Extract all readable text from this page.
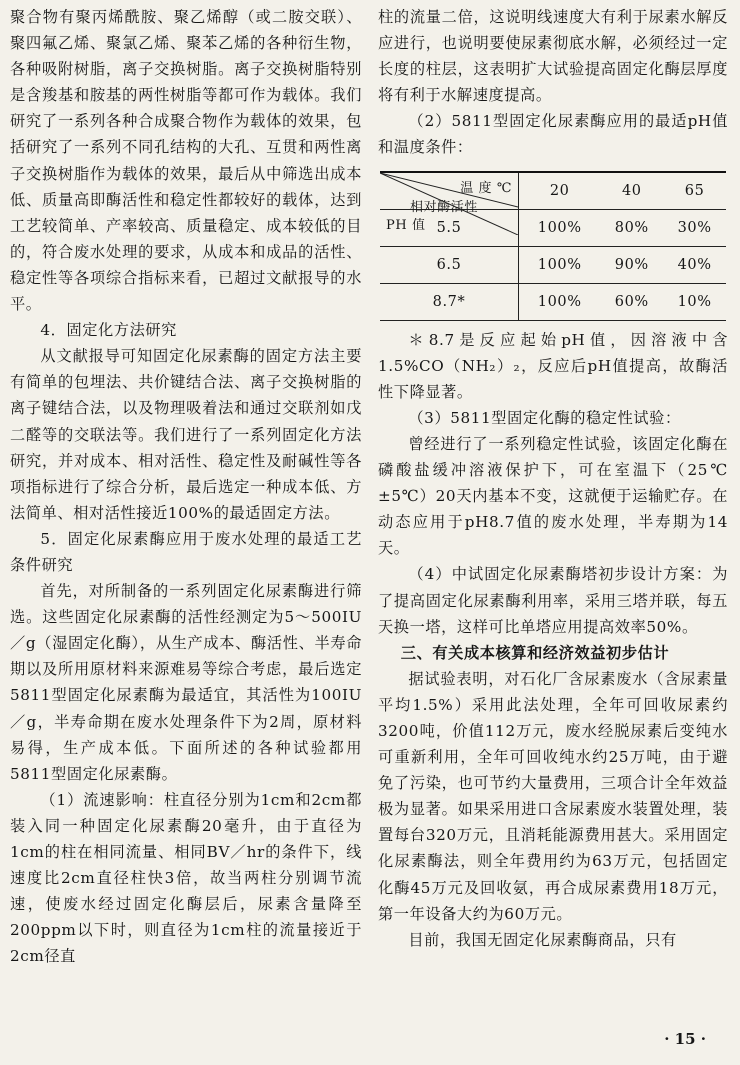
聚合物有聚丙烯酰胺、聚乙烯醇（或二胺交联）、聚四氟乙烯、聚氯乙烯、聚苯乙烯的各种衍生物，各种吸附树脂，离子交换树脂。离子交换树脂特别是含羧基和胺基的两性树脂等都可作为载体。我们研究了一系列各种合成聚合物作为载体的效果，包括研究了一系列不同孔结构的大孔、互贯和两性离子交换树脂作为载体的效果，最后从中筛选出成本低、质量高即酶活性和稳定性都较好的载体，达到工艺较简单、产率较高、质量稳定、成本较低的目的，符合废水处理的要求，从成本和成品的活性、稳定性等各项综合指标来看，已超过文献报导的水平。

4．固定化方法研究

从文献报导可知固定化尿素酶的固定方法主要有简单的包埋法、共价键结合法、离子交换树脂的离子键结合法，以及物理吸着法和通过交联剂如戊二醛等的交联法等。我们进行了一系列固定化方法研究，并对成本、相对活性、稳定性及耐碱性等各项指标进行了综合分析，最后选定一种成本低、方法简单、相对活性接近100%的最适固定方法。

5．固定化尿素酶应用于废水处理的最适工艺条件研究

首先，对所制备的一系列固定化尿素酶进行筛选。这些固定化尿素酶的活性经测定为5～500IU／g（湿固定化酶），从生产成本、酶活性、半寿命期以及所用原材料来源难易等综合考虑，最后选定5811型固定化尿素酶为最适宜，其活性为100IU／g，半寿命期在废水处理条件下为2周，原材料易得，生产成本低。下面所述的各种试验都用5811型固定化尿素酶。

（1）流速影响：柱直径分别为1cm和2cm都装入同一种固定化尿素酶20毫升，由于直径为1cm的柱在相同流量、相同BV／hr的条件下，线速度比2cm直径柱快3倍，故当两柱分别调节流速，使废水经过固定化酶层后，尿素含量降至200ppm以下时，则直径为1cm柱的流量接近于2cm径直

柱的流量二倍，这说明线速度大有利于尿素水解反应进行，也说明要使尿素彻底水解，必须经过一定长度的柱层，这表明扩大试验提高固定化酶层厚度将有利于水解速度提高。

（2）5811型固定化尿素酶应用的最适pH值和温度条件：

温 度 ℃
相对酶活性
PH 值	20	40	65
5.5	100%	80%	30%
6.5	100%	90%	40%
8.7*	100%	60%	10%

＊8.7是反应起始pH值，因溶液中含1.5%CO（NH₂）₂，反应后pH值提高，故酶活性下降显著。

（3）5811型固定化酶的稳定性试验：

曾经进行了一系列稳定性试验，该固定化酶在磷酸盐缓冲溶液保护下，可在室温下（25℃±5℃）20天内基本不变，这就便于运输贮存。在动态应用于pH8.7值的废水处理，半寿期为14天。

（4）中试固定化尿素酶塔初步设计方案：为了提高固定化尿素酶利用率，采用三塔并联，每五天换一塔，这样可比单塔应用提高效率50%。

三、有关成本核算和经济效益初步估计

据试验表明，对石化厂含尿素废水（含尿素量平均1.5%）采用此法处理，全年可回收尿素约3200吨，价值112万元，废水经脱尿素后变纯水可重新利用，全年可回收纯水约25万吨，由于避免了污染，也可节约大量费用，三项合计全年效益极为显著。如果采用进口含尿素废水装置处理，装置每台320万元，且消耗能源费用甚大。采用固定化尿素酶法，则全年费用约为63万元，包括固定化酶45万元及回收氨，再合成尿素费用18万元，第一年设备大约为60万元。

目前，我国无固定化尿素酶商品，只有

· 15 ·
